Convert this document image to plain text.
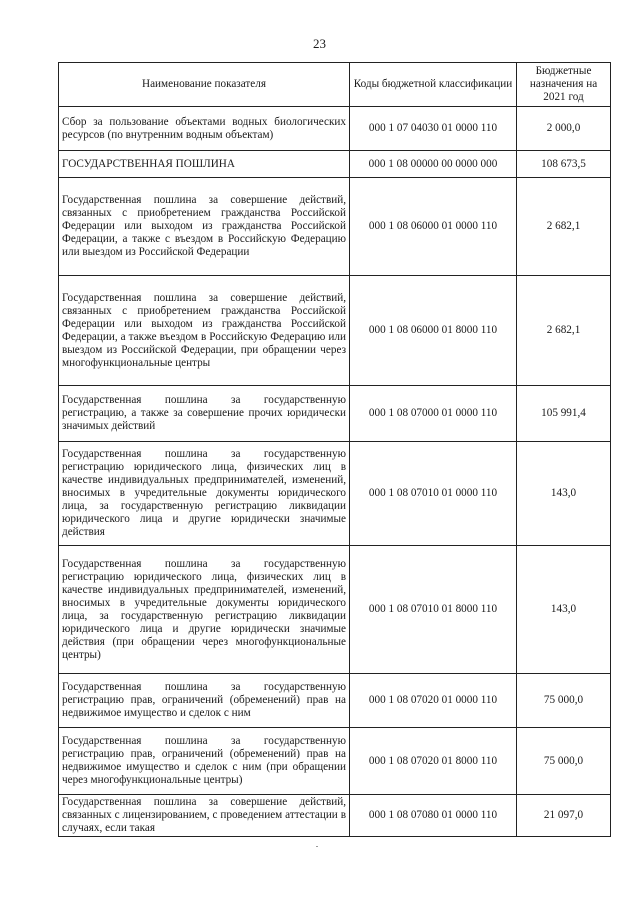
23
Наименование показателя	Коды бюджетной классификации	Бюджетные назначения на 2021 год
Сбор за пользование объектами водных биологических ресурсов (по внутренним водным объектам)	000 1 07 04030 01 0000 110	2 000,0
ГОСУДАРСТВЕННАЯ ПОШЛИНА	000 1 08 00000 00 0000 000	108 673,5
Государственная пошлина за совершение действий, связанных с приобретением гражданства Российской Федерации или выходом из гражданства Российской Федерации, а также с въездом в Российскую Федерацию или выездом из Российской Федерации	000 1 08 06000 01 0000 110	2 682,1
Государственная пошлина за совершение действий, связанных с приобретением гражданства Российской Федерации или выходом из гражданства Российской Федерации, а также въездом в Российскую Федерацию или выездом из Российской Федерации, при обращении через многофункциональные центры	000 1 08 06000 01 8000 110	2 682,1
Государственная пошлина за государственную регистрацию, а также за совершение прочих юридически значимых действий	000 1 08 07000 01 0000 110	105 991,4
Государственная пошлина за государственную регистрацию юридического лица, физических лиц в качестве индивидуальных предпринимателей, изменений, вносимых в учредительные документы юридического лица, за государственную регистрацию ликвидации юридического лица и другие юридически значимые действия	000 1 08 07010 01 0000 110	143,0
Государственная пошлина за государственную регистрацию юридического лица, физических лиц в качестве индивидуальных предпринимателей, изменений, вносимых в учредительные документы юридического лица, за государственную регистрацию ликвидации юридического лица и другие юридически значимые действия (при обращении через многофункциональные центры)	000 1 08 07010 01 8000 110	143,0
Государственная пошлина за государственную регистрацию прав, ограничений (обременений) прав на недвижимое имущество и сделок с ним	000 1 08 07020 01 0000 110	75 000,0
Государственная пошлина за государственную регистрацию прав, ограничений (обременений) прав на недвижимое имущество и сделок с ним (при обращении через многофункциональные центры)	000 1 08 07020 01 8000 110	75 000,0
Государственная пошлина за совершение действий, связанных с лицензированием, с проведением аттестации в случаях, если такая	000 1 08 07080 01 0000 110	21 097,0
